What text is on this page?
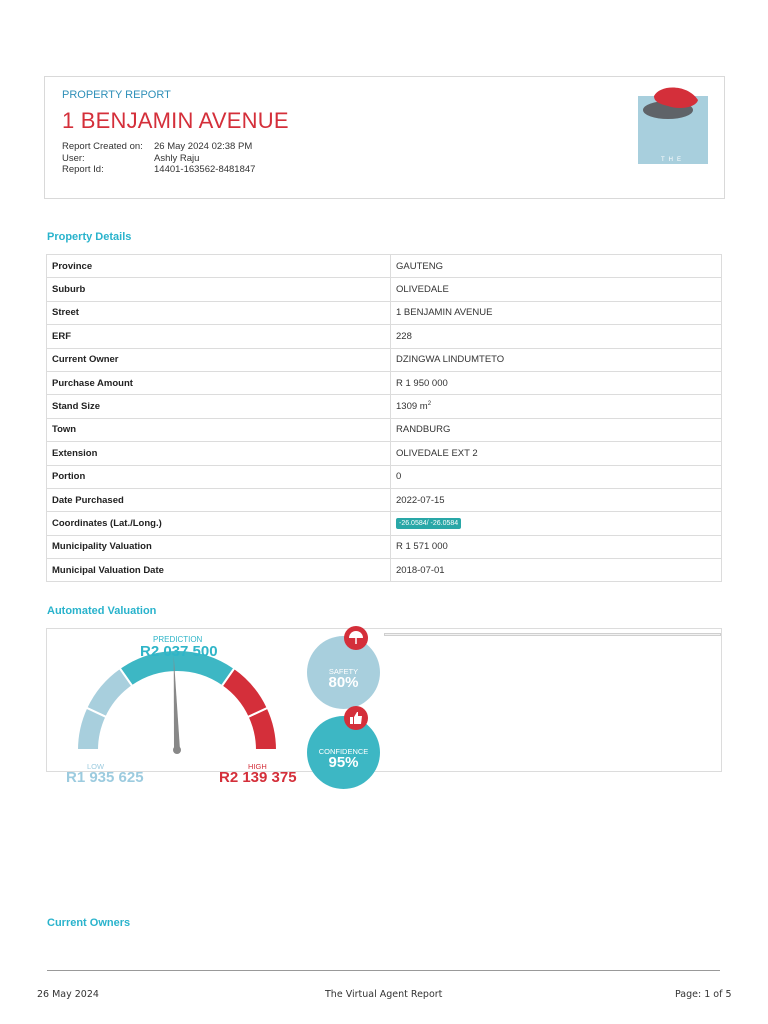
PROPERTY REPORT
1 BENJAMIN AVENUE
Report Created on:	26 May 2024 02:38 PM
User:	Ashly Raju
Report Id:	14401-163562-8481847
THE
VIRTUAL
AGENT
Property Details
Province	GAUTENG
Suburb	OLIVEDALE
Street	1 BENJAMIN AVENUE
ERF	228
Current Owner	DZINGWA LINDUMTETO
Purchase Amount	R 1 950 000
Stand Size	1309 $m^2$
Town	RANDBURG
Extension	OLIVEDALE EXT 2
Portion	0
Date Purchased	2022-07-15
Coordinates (Lat./Long.)	-26.0584/ -26.0584
Municipality Valuation	R 1 571 000
Municipal Valuation Date	2018-07-01
Automated Valuation
PREDICTION
R2 037 500
LOW
R1 935 625
HIGH
R2 139 375
SAFETY
80%
CONFIDENCE
95%
Current Owners
26 May 2024	The Virtual Agent Report	Page: 1 of 5
